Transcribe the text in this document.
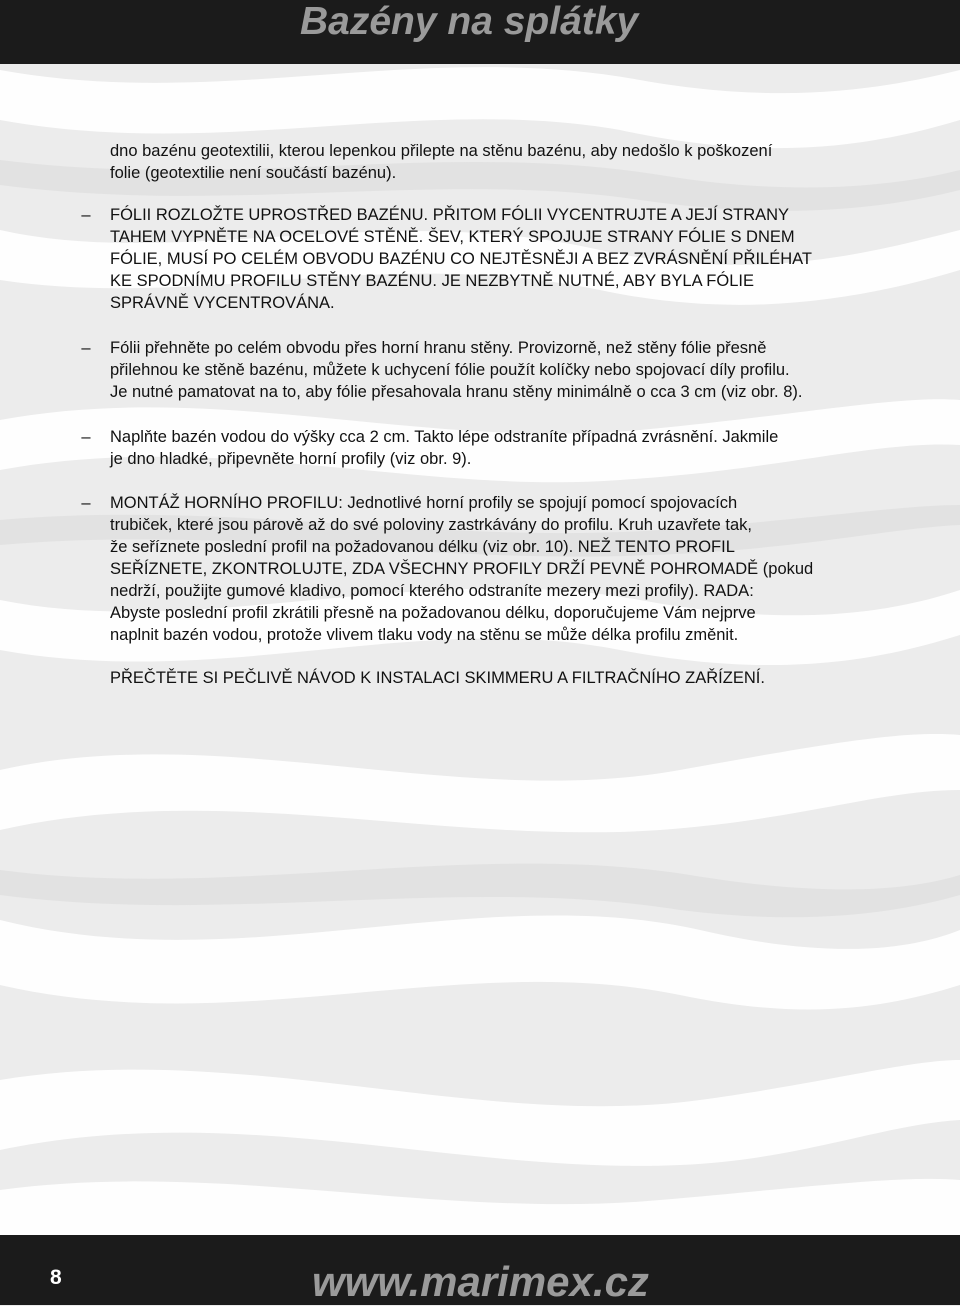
Bazény na splátky

dno bazénu geotextilii, kterou lepenkou přilepte na stěnu bazénu, aby nedošlo k poškození
folie (geotextilie není součástí bazénu).

– FÓLII ROZLOŽTE UPROSTŘED BAZÉNU. PŘITOM FÓLII VYCENTRUJTE A JEJÍ STRANY
TAHEM VYPNĚTE NA OCELOVÉ STĚNĚ. ŠEV, KTERÝ SPOJUJE STRANY FÓLIE S DNEM
FÓLIE, MUSÍ PO CELÉM OBVODU BAZÉNU CO NEJTĚSNĚJI A BEZ ZVRÁSNĚNÍ PŘILÉHAT
KE SPODNÍMU PROFILU STĚNY BAZÉNU. JE NEZBYTNĚ NUTNÉ, ABY BYLA FÓLIE
SPRÁVNĚ VYCENTROVÁNA.
– Fólii přehněte po celém obvodu přes horní hranu stěny. Provizorně, než stěny fólie přesně
přilehnou ke stěně bazénu, můžete k uchycení fólie použít kolíčky nebo spojovací díly profilu.
Je nutné pamatovat na to, aby fólie přesahovala hranu stěny minimálně o cca 3 cm (viz obr. 8).
– Naplňte bazén vodou do výšky cca 2 cm. Takto lépe odstraníte případná zvrásnění. Jakmile
je dno hladké, připevněte horní profily (viz obr. 9).
– MONTÁŽ HORNÍHO PROFILU: Jednotlivé horní profily se spojují pomocí spojovacích
trubiček, které jsou párově až do své poloviny zastrkávány do profilu. Kruh uzavřete tak,
že seříznete poslední profil na požadovanou délku (viz obr. 10). NEŽ TENTO PROFIL
SEŘÍZNETE, ZKONTROLUJTE, ZDA VŠECHNY PROFILY DRŽÍ PEVNĚ POHROMADĚ (pokud
nedrží, použijte gumové kladivo, pomocí kterého odstraníte mezery mezi profily). RADA:
Abyste poslední profil zkrátili přesně na požadovanou délku, doporučujeme Vám nejprve
naplnit bazén vodou, protože vlivem tlaku vody na stěnu se může délka profilu změnit.

PŘEČTĚTE SI PEČLIVĚ NÁVOD K INSTALACI SKIMMERU A FILTRAČNÍHO ZAŘÍZENÍ.

8	www.marimex.cz
